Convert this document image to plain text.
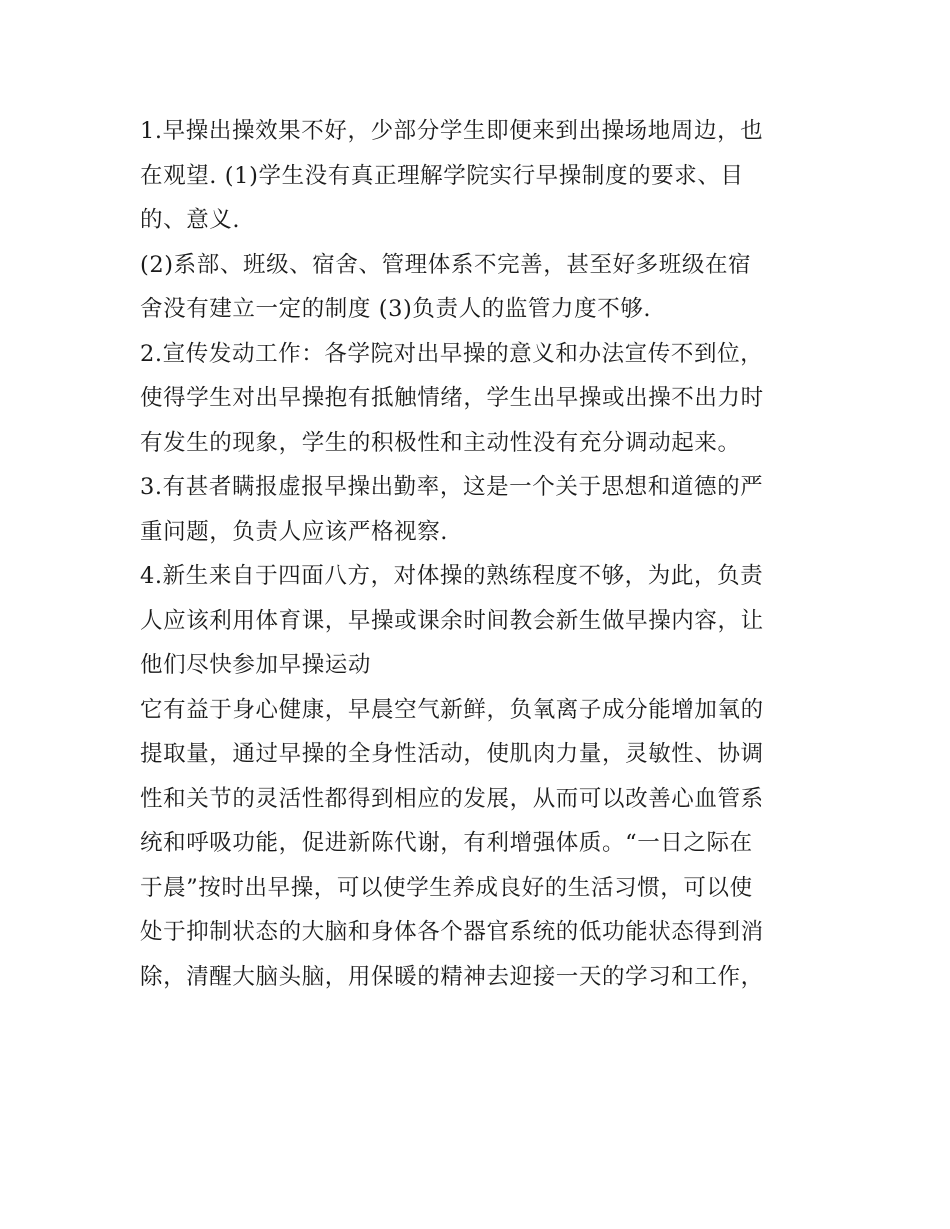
1.早操出操效果不好，少部分学生即便来到出操场地周边，也
在观望. (1)学生没有真正理解学院实行早操制度的要求、目
的、意义.
(2)系部、班级、宿舍、管理体系不完善，甚至好多班级在宿
舍没有建立一定的制度 (3)负责人的监管力度不够.
2.宣传发动工作：各学院对出早操的意义和办法宣传不到位，
使得学生对出早操抱有抵触情绪，学生出早操或出操不出力时
有发生的现象，学生的积极性和主动性没有充分调动起来。
3.有甚者瞒报虚报早操出勤率，这是一个关于思想和道德的严
重问题，负责人应该严格视察.
4.新生来自于四面八方，对体操的熟练程度不够，为此，负责
人应该利用体育课，早操或课余时间教会新生做早操内容，让
他们尽快参加早操运动
它有益于身心健康，早晨空气新鲜，负氧离子成分能增加氧的
提取量，通过早操的全身性活动，使肌肉力量，灵敏性、协调
性和关节的灵活性都得到相应的发展，从而可以改善心血管系
统和呼吸功能，促进新陈代谢，有利增强体质。“一日之际在
于晨”按时出早操，可以使学生养成良好的生活习惯，可以使
处于抑制状态的大脑和身体各个器官系统的低功能状态得到消
除，清醒大脑头脑，用保暖的精神去迎接一天的学习和工作，
